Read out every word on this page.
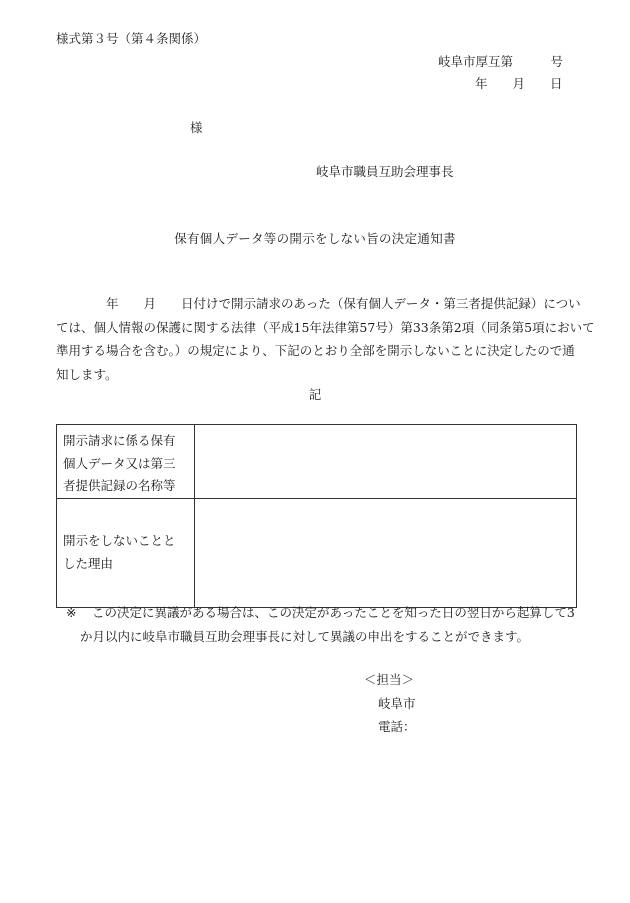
様式第３号（第４条関係）
岐阜市厚互第　　　号
年　　月　　日
様
岐阜市職員互助会理事長
保有個人データ等の開示をしない旨の決定通知書

　　　　年　　月　　日付けで開示請求のあった（保有個人データ・第三者提供記録）につい

ては、個人情報の保護に関する法律（平成15年法律第57号）第33条第2項（同条第5項において

準用する場合を含む。）の規定により、下記のとおり全部を開示しないことに決定したので通

知します。

記
開示請求に係る保有
個人データ又は第三
者提供記録の名称等	

開示をしないことと
した理由	

※ この決定に異議がある場合は、この決定があったことを知った日の翌日から起算して3
か月以内に岐阜市職員互助会理事長に対して異議の申出をすることができます。
＜担当＞
岐阜市
電話：
